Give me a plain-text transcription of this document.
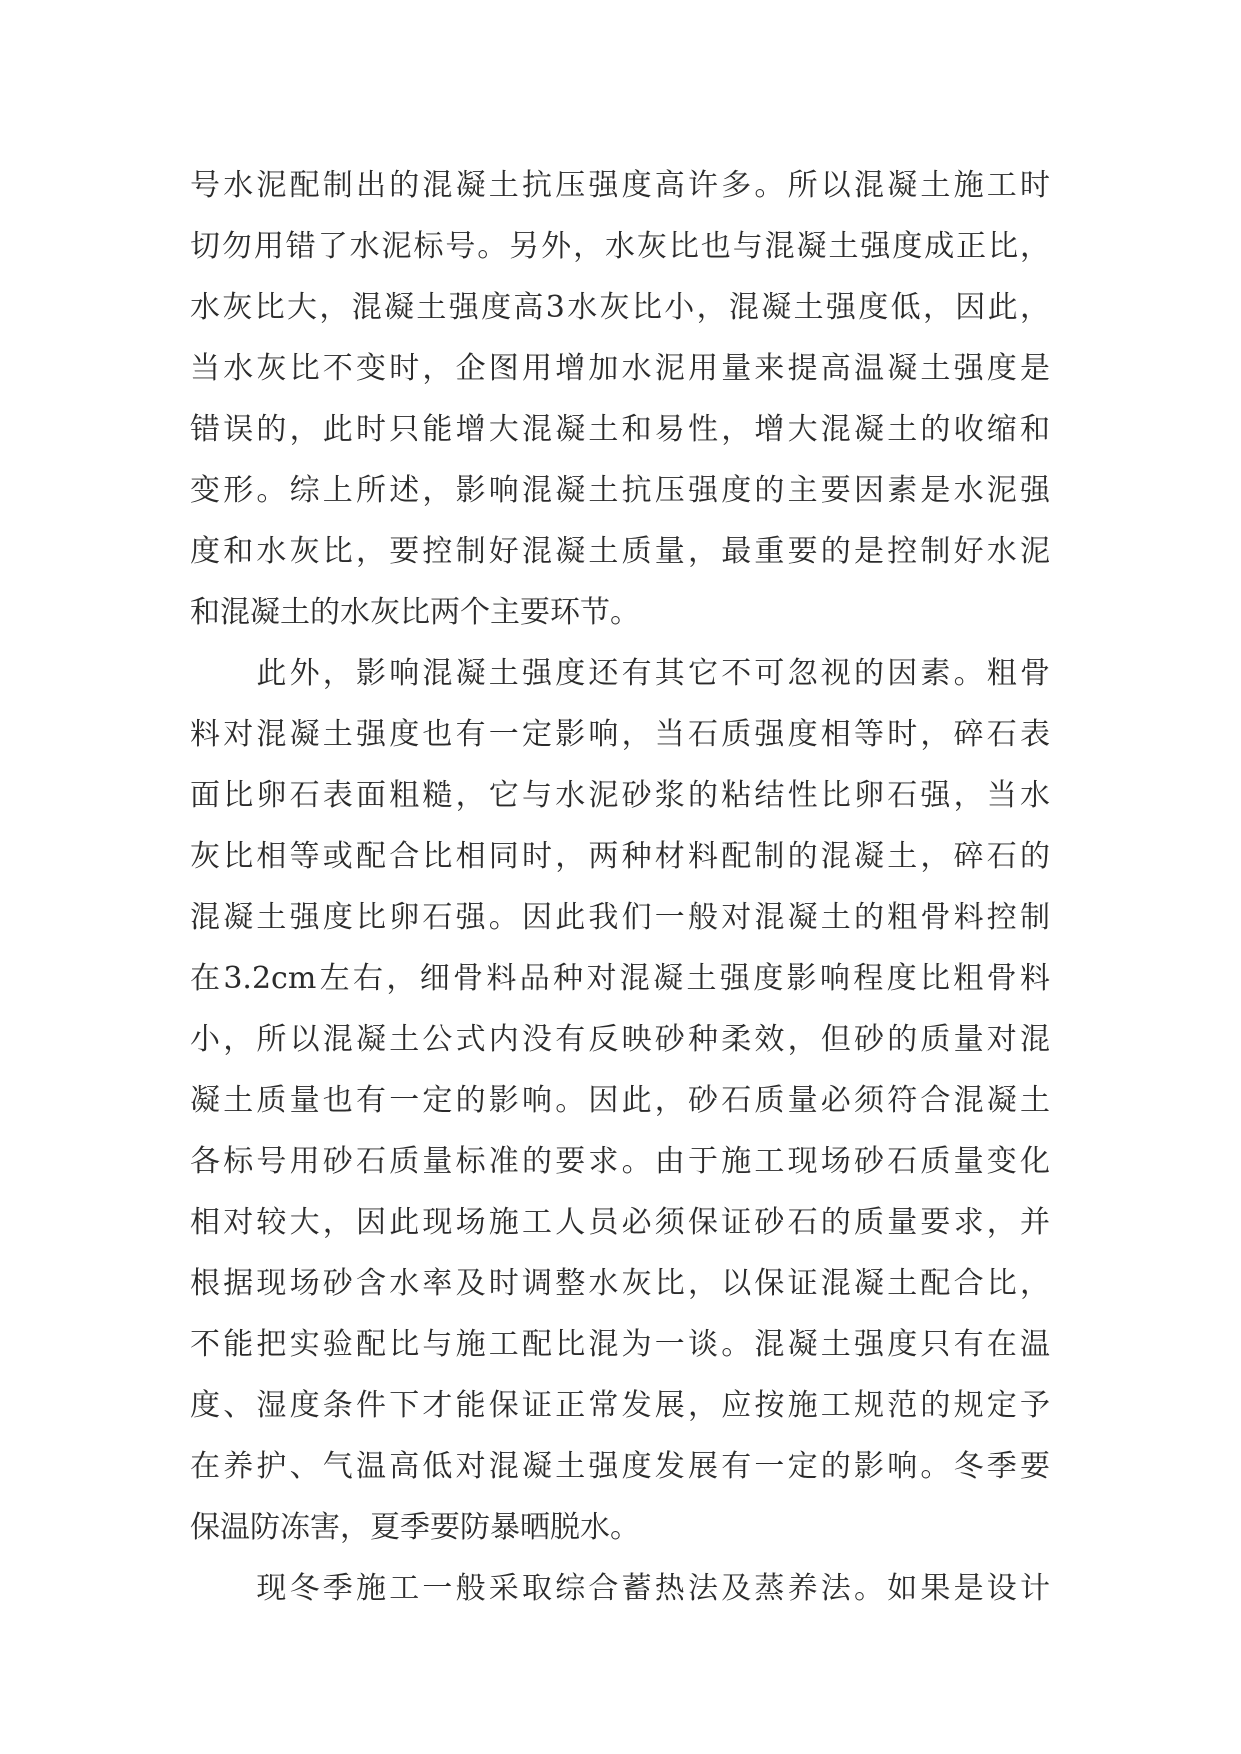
号水泥配制出的混凝土抗压强度高许多。所以混凝土施工时
切勿用错了水泥标号。另外，水灰比也与混凝土强度成正比，
水灰比大，混凝土强度高3水灰比小，混凝土强度低，因此，
当水灰比不变时，企图用增加水泥用量来提高温凝土强度是
错误的，此时只能增大混凝土和易性，增大混凝土的收缩和
变形。综上所述，影响混凝土抗压强度的主要因素是水泥强
度和水灰比，要控制好混凝土质量，最重要的是控制好水泥
和混凝土的水灰比两个主要环节。
　　此外，影响混凝土强度还有其它不可忽视的因素。粗骨
料对混凝土强度也有一定影响，当石质强度相等时，碎石表
面比卵石表面粗糙，它与水泥砂浆的粘结性比卵石强，当水
灰比相等或配合比相同时，两种材料配制的混凝土，碎石的
混凝土强度比卵石强。因此我们一般对混凝土的粗骨料控制
在3.2cm左右，细骨料品种对混凝土强度影响程度比粗骨料
小，所以混凝土公式内没有反映砂种柔效，但砂的质量对混
凝土质量也有一定的影响。因此，砂石质量必须符合混凝土
各标号用砂石质量标准的要求。由于施工现场砂石质量变化
相对较大，因此现场施工人员必须保证砂石的质量要求，并
根据现场砂含水率及时调整水灰比，以保证混凝土配合比，
不能把实验配比与施工配比混为一谈。混凝土强度只有在温
度、湿度条件下才能保证正常发展，应按施工规范的规定予
在养护、气温高低对混凝土强度发展有一定的影响。冬季要
保温防冻害，夏季要防暴晒脱水。
　　现冬季施工一般采取综合蓄热法及蒸养法。如果是设计
